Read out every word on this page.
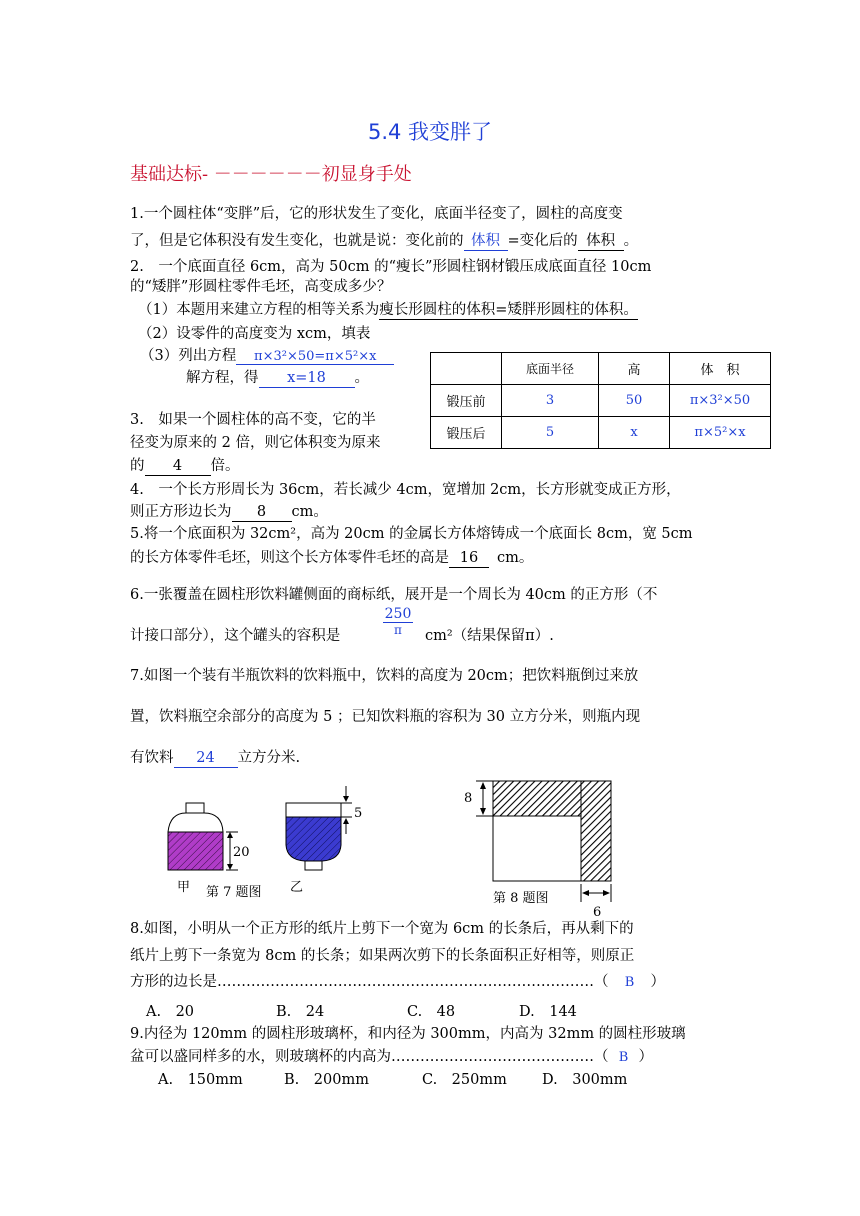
5.4 我变胖了
基础达标- －－－－－－初显身手处
1.一个圆柱体“变胖”后，它的形状发生了变化，底面半径变了，圆柱的高度变
了，但是它体积没有发生变化，也就是说：变化前的 体积 =变化后的 体积 。
2.　一个底面直径 6cm，高为 50cm 的“瘦长”形圆柱钢材锻压成底面直径 10cm
的“矮胖”形圆柱零件毛坯，高变成多少？
（1）本题用来建立方程的相等关系为瘦长形圆柱的体积=矮胖形圆柱的体积。
（2）设零件的高度变为 xcm，填表
（3）列出方程 π×3²×50=π×5²×x
解方程，得 x=18 。
	底面半径	高	体　积
锻压前	3	50	π×3²×50
锻压后	5	x	π×5²×x
3.　如果一个圆柱体的高不变，它的半
径变为原来的 2 倍，则它体积变为原来
的 4 倍。
4.　一个长方形周长为 36cm，若长减少 4cm，宽增加 2cm，长方形就变成正方形，
则正方形边长为 8 cm。
5.将一个底面积为 32cm²，高为 20cm 的金属长方体熔铸成一个底面长 8cm，宽 5cm
的长方体零件毛坯，则这个长方体零件毛坯的高是 16 cm。
6.一张覆盖在圆柱形饮料罐侧面的商标纸，展开是一个周长为 40cm 的正方形（不
$\frac{250}{\pi}$
计接口部分），这个罐头的容积是	cm²（结果保留π）.
7.如图一个装有半瓶饮料的饮料瓶中，饮料的高度为 20cm；把饮料瓶倒过来放
置，饮料瓶空余部分的高度为 5 ；已知饮料瓶的容积为 30 立方分米，则瓶内现
有饮料 24 立方分米.
20
甲
5
乙
第 7 题图
8
6
第 8 题图
8.如图，小明从一个正方形的纸片上剪下一个宽为 6cm 的长条后，再从剩下的
纸片上剪下一条宽为 8cm 的长条；如果两次剪下的长条面积正好相等，则原正
方形的边长是……………………………………………………………………（ B ）
A.　20	B.　24	C.　48	D.　144
9.内径为 120mm 的圆柱形玻璃杯，和内径为 300mm，内高为 32mm 的圆柱形玻璃
盆可以盛同样多的水，则玻璃杯的内高为……………………………………（ B ）
A.　150mm	B.　200mm	C.　250mm D.　300mm
